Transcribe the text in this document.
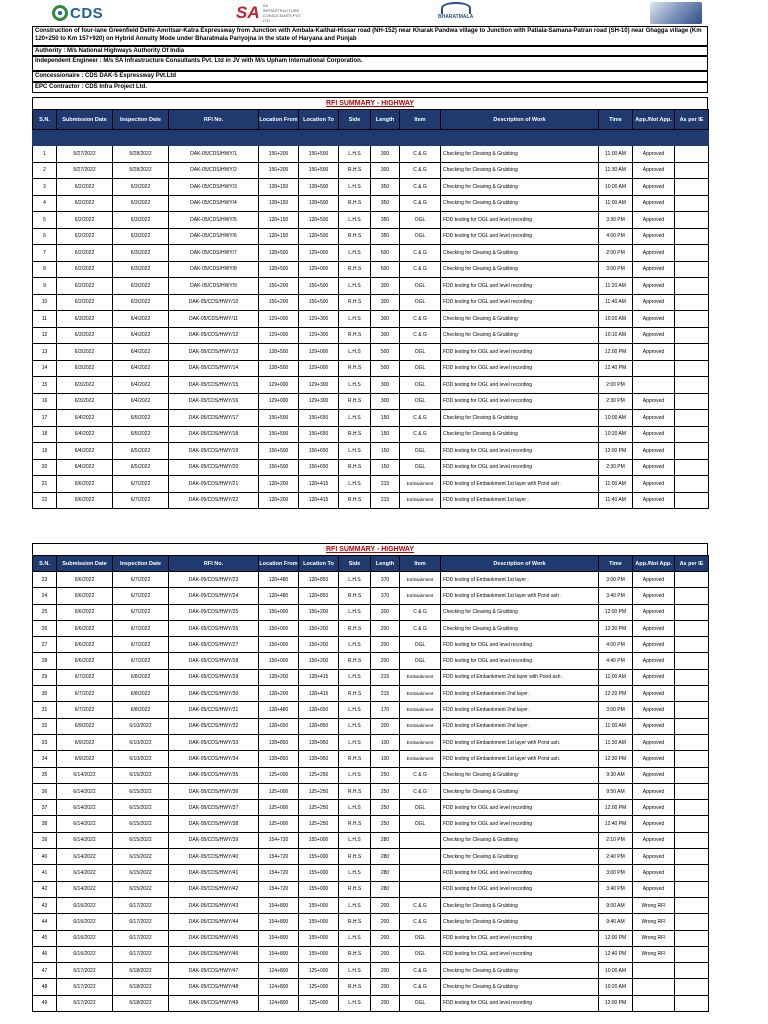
CDS	SA SA INFRASTRUCTURE CONSULTANTS PVT. LTD.
BHARATMALA
Construction of four-lane Greenfield Delhi-Amritsar-Katra Expressway from Junction with Ambala-Kaithal-Hissar road (NH-152) near Kharak Pandwa village to Junction with Patiala-Samana-Patran road (SH-10) near Ghagga village (Km 120+250 to Km 157+920) on Hybrid Annuity Mode under Bharatmala Pariyojna in the state of Haryana and Punjab
Authority : M/s National Highways Authority Of India
Independent Engineer : M/s SA Infrastructure Consultants Pvt. Ltd in JV with M/s Upham International Corporation.
Concessionaire : CDS DAK-5 Expressway Pvt.Ltd
EPC Contractor : CDS Infra Project Ltd.
RFI SUMMARY - HIGHWAY
S.N.	Submission Date	Inspection Date	RFI No.	Location From	Location To	Side	Length	Item	Description of Work	Time	App./Not App.	As per IE

1	5/27/2022	5/28/2022	DAK-05/CDS/HWY/1	156+200	156+500	L.H.S	300	C & G	Checking for Clearing & Grubbing	11:00 AM	Approved	
2	5/27/2022	5/28/2022	DAK-05/CDS/HWY/2	156+200	156+500	R.H.S	300	C & G	Checking for Clearing & Grubbing	11:30 AM	Approved	
3	6/2/2022	6/3/2022	DAK-05/CDS/HWY/3	128+150	128+500	L.H.S	350	C & G	Checking for Clearing & Grubbing	10:00 AM	Approved	
4	6/2/2022	6/3/2022	DAK-05/CDS/HWY/4	128+150	128+500	R.H.S	350	C & G	Checking for Clearing & Grubbing	11:00 AM	Approved	
5	6/2/2022	6/3/2022	DAK-05/CDS/HWY/5	128+150	128+500	L.H.S	350	OGL	FDD testing for OGL and level recording	3:30 PM	Approved	
6	6/2/2022	6/3/2022	DAK-05/CDS/HWY/6	128+150	128+500	R.H.S	350	OGL	FDD testing for OGL and level recording	4:00 PM	Approved	
7	6/2/2022	6/3/2022	DAK-05/CDS/HWY/7	128+500	129+000	L.H.S	500	C & G	Checking for Clearing & Grubbing	2:00 PM	Approved	
8	6/2/2022	6/3/2022	DAK-05/CDS/HWY/8	128+500	129+000	R.H.S	500	C & G	Checking for Clearing & Grubbing	3:00 PM	Approved	
9	6/2/2022	6/3/2022	DAK-05/CDS/HWY/9	156+200	156+500	L.H.S	300	OGL	FDD testing for OGL and level recording	11:20 AM	Approved	
10	6/2/2022	6/3/2022	DAK-05/CDS/HWY/10	156+200	156+500	R.H.S	300	OGL	FDD testing for OGL and level recording	11:40 AM	Approved	
11	6/3/2022	6/4/2022	DAK-05/CDS/HWY/11	129+000	129+300	L.H.S	300	C & G	Checking for Clearing & Grubbing	10:20 AM	Approved	
12	6/3/2022	6/4/2022	DAK-05/CDS/HWY/12	129+000	129+300	R.H.S	300	C & G	Checking for Clearing & Grubbing	10:10 AM	Approved	
13	6/3/2022	6/4/2022	DAK-05/CDS/HWY/13	128+500	129+000	L.H.S	500	OGL	FDD testing for OGL and level recording	12:00 PM	Approved	
14	6/3/2022	6/4/2022	DAK-05/CDS/HWY/14	128+500	129+000	R.H.S	500	OGL	FDD testing for OGL and level recording	12:40 PM		
15	6/3/2022	6/4/2022	DAK-05/CDS/HWY/15	129+000	129+300	L.H.S	300	OGL	FDD testing for OGL and level recording	2:00 PM		
16	6/3/2022	6/4/2022	DAK-05/CDS/HWY/16	129+000	129+300	R.H.S	300	OGL	FDD testing for OGL and level recording	2:30 PM	Approved	
17	6/4/2022	6/5/2022	DAK-05/CDS/HWY/17	156+500	156+650	L.H.S	150	C & G	Checking for Clearing & Grubbing	10:00 AM	Approved	
18	6/4/2022	6/5/2022	DAK-05/CDS/HWY/18	156+500	156+650	R.H.S	150	C & G	Checking for Clearing & Grubbing	10:20 AM	Approved	
19	6/4/2022	6/5/2022	DAK-05/CDS/HWY/19	156+500	156+650	L.H.S	150	OGL	FDD testing for OGL and level recording	12:00 PM	Approved	
20	6/4/2022	6/5/2022	DAK-05/CDS/HWY/20	156+500	156+650	R.H.S	150	OGL	FDD testing for OGL and level recording	2:30 PM	Approved	
21	6/6/2022	6/7/2022	DAK-05/CDS/HWY/21	128+200	128+415	L.H.S	215	Embankment	FDD testing of Embankment 1st layer with Pond ash .	11:00 AM	Approved	
22	6/6/2022	6/7/2022	DAK-05/CDS/HWY/22	128+200	128+415	R.H.S	215	Embankment	FDD testing of Embankment 1st layer .	11:40 AM	Approved	
RFI SUMMARY - HIGHWAY
S.N.	Submission Date	Inspection Date	RFI No.	Location From	Location To	Side	Length	Item	Description of Work	Time	App./Not App.	As per IE
23	6/6/2022	6/7/2022	DAK-05/CDS/HWY/23	128+480	128+850	L.H.S	370	Embankment	FDD testing of Embankment 1st layer .	3:00 PM	Approved	
24	6/6/2022	6/7/2022	DAK-05/CDS/HWY/24	128+480	128+850	R.H.S	370	Embankment	FDD testing of Embankment 1st layer with Pond ash .	3:40 PM	Approved	
25	6/6/2022	6/7/2022	DAK-05/CDS/HWY/25	156+000	156+200	L.H.S	200	C & G	Checking for Clearing & Grubbing	12:00 PM	Approved	
26	6/6/2022	6/7/2022	DAK-05/CDS/HWY/26	156+000	156+200	R.H.S	200	C & G	Checking for Clearing & Grubbing	12:30 PM	Approved	
27	6/6/2022	6/7/2022	DAK-05/CDS/HWY/27	156+000	156+200	L.H.S	200	OGL	FDD testing for OGL and level recording	4:00 PM	Approved	
28	6/6/2022	6/7/2022	DAK-05/CDS/HWY/28	156+000	156+200	R.H.S	200	OGL	FDD testing for OGL and level recording	4:40 PM	Approved	
29	6/7/2022	6/8/2022	DAK-05/CDS/HWY/29	128+200	128+415	L.H.S	215	Embankment	FDD testing of Embankment 2nd layer with Pond ash .	11:00 AM	Approved	
30	6/7/2022	6/8/2022	DAK-05/CDS/HWY/30	128+200	128+415	R.H.S	215	Embankment	FDD testing of Embankment 2nd layer .	12:20 PM	Approved	
31	6/7/2022	6/8/2022	DAK-05/CDS/HWY/31	128+480	128+650	L.H.S	170	Embankment	FDD testing of Embankment 2nd layer .	3:00 PM	Approved	
32	6/9/2022	6/10/2022	DAK-05/CDS/HWY/32	128+650	128+850	L.H.S	200	Embankment	FDD testing of Embankment 2nd layer .	11:00 AM	Approved	
33	6/9/2022	6/10/2022	DAK-05/CDS/HWY/33	128+850	128+950	L.H.S	100	Embankment	FDD testing of Embankment 1st layer with Pond ash.	11:30 AM	Approved	
34	6/9/2022	6/10/2022	DAK-05/CDS/HWY/34	128+850	128+950	R.H.S	100	Embankment	FDD testing of Embankment 1st layer with Pond ash.	12:30 PM	Approved	
35	6/14/2022	6/15/2022	DAK-05/CDS/HWY/35	125+000	125+250	L.H.S	250	C & G	Checking for Clearing & Grubbing	9:30 AM	Approved	
36	6/14/2022	6/15/2022	DAK-05/CDS/HWY/36	125+000	125+250	R.H.S	250	C & G	Checking for Clearing & Grubbing	9:50 AM	Approved	
37	6/14/2022	6/15/2022	DAK-05/CDS/HWY/37	125+000	125+250	L.H.S	250	OGL	FDD testing for OGL and level recording	12:00 PM	Approved	
38	6/14/2022	6/15/2022	DAK-05/CDS/HWY/38	125+000	125+250	R.H.S	250	OGL	FDD testing for OGL and level recording	12:40 PM	Approved	
39	6/14/2022	6/15/2022	DAK-05/CDS/HWY/39	154+720	155+000	L.H.S	280		Checking for Clearing & Grubbing	2:10 PM	Approved	
40	6/14/2022	6/15/2022	DAK-05/CDS/HWY/40	154+720	155+000	R.H.S	280		Checking for Clearing & Grubbing	2:40 PM	Approved	
41	6/14/2022	6/15/2022	DAK-05/CDS/HWY/41	154+720	155+000	L.H.S	280		FDD testing for OGL and level recording	3:00 PM	Approved	
42	6/14/2022	6/15/2022	DAK-05/CDS/HWY/42	154+720	155+000	R.H.S	280		FDD testing for OGL and level recording	3:40 PM	Approved	
43	6/16/2022	6/17/2022	DAK-05/CDS/HWY/43	154+800	155+000	L.H.S	200	C & G	Checking for Clearing & Grubbing	9:00 AM	Wrong RFI	
44	6/16/2022	6/17/2022	DAK-05/CDS/HWY/44	154+800	155+000	R.H.S	200	C & G	Checking for Clearing & Grubbing	9:40 AM	Wrong RFI	
45	6/16/2022	6/17/2022	DAK-05/CDS/HWY/45	154+800	155+000	L.H.S	200	OGL	FDD testing for OGL and level recording	12:00 PM	Wrong RFI	
46	6/16/2022	6/17/2022	DAK-05/CDS/HWY/46	154+800	155+000	R.H.S	200	OGL	FDD testing for OGL and level recording	12:40 PM	Wrong RFI	
47	6/17/2022	6/18/2022	DAK-05/CDS/HWY/47	124+800	125+000	L.H.S	200	C & G	Checking for Clearing & Grubbing	10:00 AM		
48	6/17/2022	6/18/2022	DAK-05/CDS/HWY/48	124+800	125+000	R.H.S	200	C & G	Checking for Clearing & Grubbing	10:20 AM		
49	6/17/2022	6/18/2022	DAK-05/CDS/HWY/49	124+800	125+000	L.H.S	200	OGL	FDD testing for OGL and level recording	12:00 PM		
